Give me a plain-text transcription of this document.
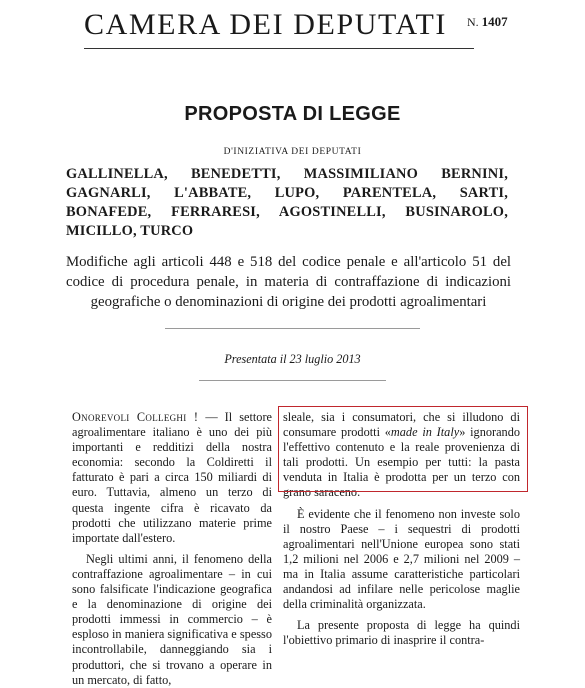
CAMERA DEI DEPUTATI N. 1407
PROPOSTA DI LEGGE
D'INIZIATIVA DEI DEPUTATI
GALLINELLA, BENEDETTI, MASSIMILIANO BERNINI, GAGNARLI, L'ABBATE, LUPO, PARENTELA, SARTI, BONAFEDE, FERRARESI, AGOSTINELLI, BUSINAROLO, MICILLO, TURCO
Modifiche agli articoli 448 e 518 del codice penale e all'articolo 51 del codice di procedura penale, in materia di contraffazione di indicazioni geografiche o denominazioni di origine dei prodotti agroalimentari
Presentata il 23 luglio 2013

Onorevoli Colleghi ! — Il settore agroalimentare italiano è uno dei più importanti e redditizi della nostra economia: secondo la Coldiretti il fatturato è pari a circa 150 miliardi di euro. Tuttavia, almeno un terzo di questa ingente cifra è ricavato da prodotti che utilizzano materie prime importate dall'estero.

Negli ultimi anni, il fenomeno della contraffazione agroalimentare – in cui sono falsificate l'indicazione geografica e la denominazione di origine dei prodotti immessi in commercio – è esploso in maniera significativa e spesso incontrollabile, danneggiando sia i produttori, che si trovano a operare in un mercato, di fatto,

sleale, sia i consumatori, che si illudono di consumare prodotti «made in Italy» ignorando l'effettivo contenuto e la reale provenienza di tali prodotti. Un esempio per tutti: la pasta venduta in Italia è prodotta per un terzo con grano saraceno.

È evidente che il fenomeno non investe solo il nostro Paese – i sequestri di prodotti agroalimentari nell'Unione europea sono stati 1,2 milioni nel 2006 e 2,7 milioni nel 2009 – ma in Italia assume caratteristiche particolari andandosi ad infilare nelle pericolose maglie della criminalità organizzata.

La presente proposta di legge ha quindi l'obiettivo primario di inasprire il contra-
